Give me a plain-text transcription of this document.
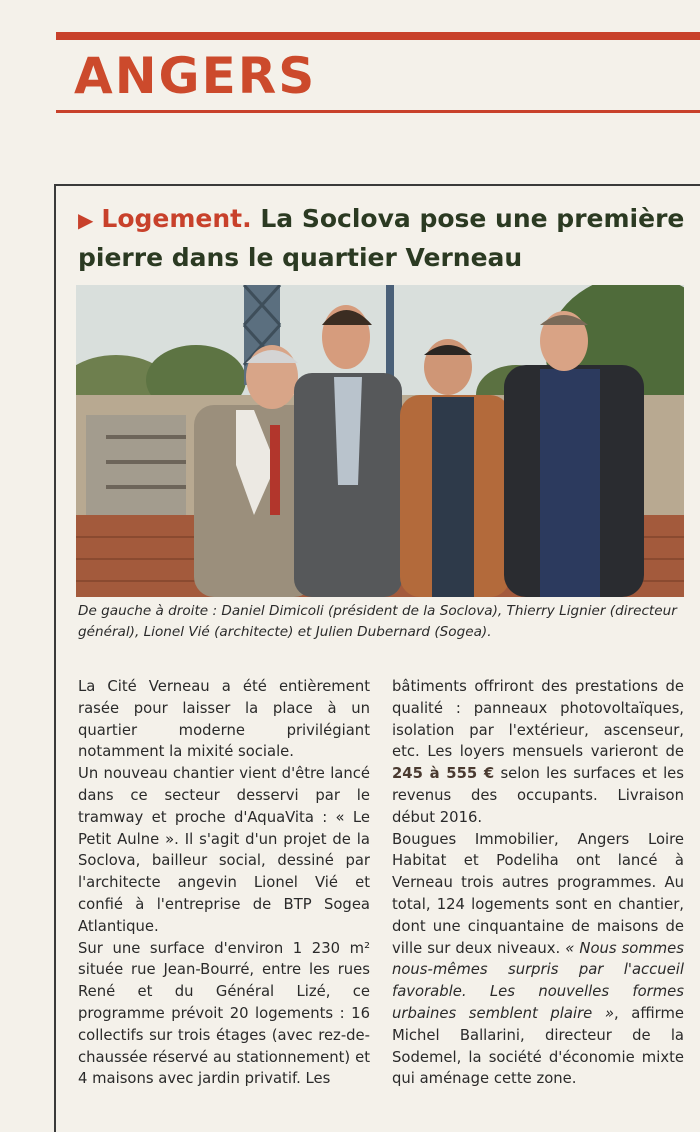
ANGERS
▶ Logement. La Soclova pose une première pierre dans le quartier Verneau
De gauche à droite : Daniel Dimicoli (président de la Soclova), Thierry Lignier (directeur général), Lionel Vié (architecte) et Julien Dubernard (Sogea).

La Cité Verneau a été entièrement rasée pour laisser la place à un quartier moderne privilégiant notamment la mixité sociale.

Un nouveau chantier vient d'être lancé dans ce secteur desservi par le tramway et proche d'AquaVita : « Le Petit Aulne ». Il s'agit d'un projet de la Soclova, bailleur social, dessiné par l'architecte angevin Lionel Vié et confié à l'entreprise de BTP Sogea Atlantique.

Sur une surface d'environ 1 230 m² située rue Jean-Bourré, entre les rues René et du Général Lizé, ce programme prévoit 20 logements : 16 collectifs sur trois étages (avec rez-de-chaussée réservé au stationnement) et 4 maisons avec jardin privatif. Les

bâtiments offriront des prestations de qualité : panneaux photovoltaïques, isolation par l'extérieur, ascenseur, etc. Les loyers mensuels varieront de 245 à 555 € selon les surfaces et les revenus des occupants. Livraison début 2016.

Bougues Immobilier, Angers Loire Habitat et Podeliha ont lancé à Verneau trois autres programmes. Au total, 124 logements sont en chantier, dont une cinquantaine de maisons de ville sur deux niveaux. « Nous sommes nous-mêmes surpris par l'accueil favorable. Les nouvelles formes urbaines semblent plaire », affirme Michel Ballarini, directeur de la Sodemel, la société d'économie mixte qui aménage cette zone.
